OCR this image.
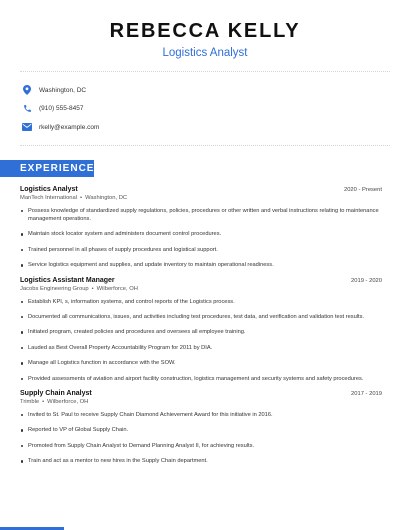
REBECCA KELLY
Logistics Analyst
Washington, DC
(910) 555-8457
rkelly@example.com
EXPERIENCE
Logistics Analyst	2020 - Present
ManTech International • Washington, DC
Possess knowledge of standardized supply regulations, policies, procedures or other written and verbal instructions relating to maintenance management operations.
Maintain stock locator system and administers document control procedures.
Trained personnel in all phases of supply procedures and logistical support.
Service logistics equipment and supplies, and update inventory to maintain operational readiness.
Logistics Assistant Manager	2019 - 2020
Jacobs Engineering Group • Wilberforce, OH
Establish KPI, s, information systems, and control reports of the Logistics process.
Documented all communications, issues, and activities including test procedures, test data, and verification and validation test results.
Initiated program, created policies and procedures and oversees all employee training.
Lauded as Best Overall Property Accountability Program for 2011 by DIA.
Manage all Logistics function in accordance with the SOW.
Provided assessments of aviation and airport facility construction, logistics management and security systems and safety procedures.
Supply Chain Analyst	2017 - 2019
Trimble • Wilberforce, OH
Invited to St. Paul to receive Supply Chain Diamond Achievement Award for this initiative in 2016.
Reported to VP of Global Supply Chain.
Promoted from Supply Chain Analyst to Demand Planning Analyst II, for achieving results.
Train and act as a mentor to new hires in the Supply Chain department.
